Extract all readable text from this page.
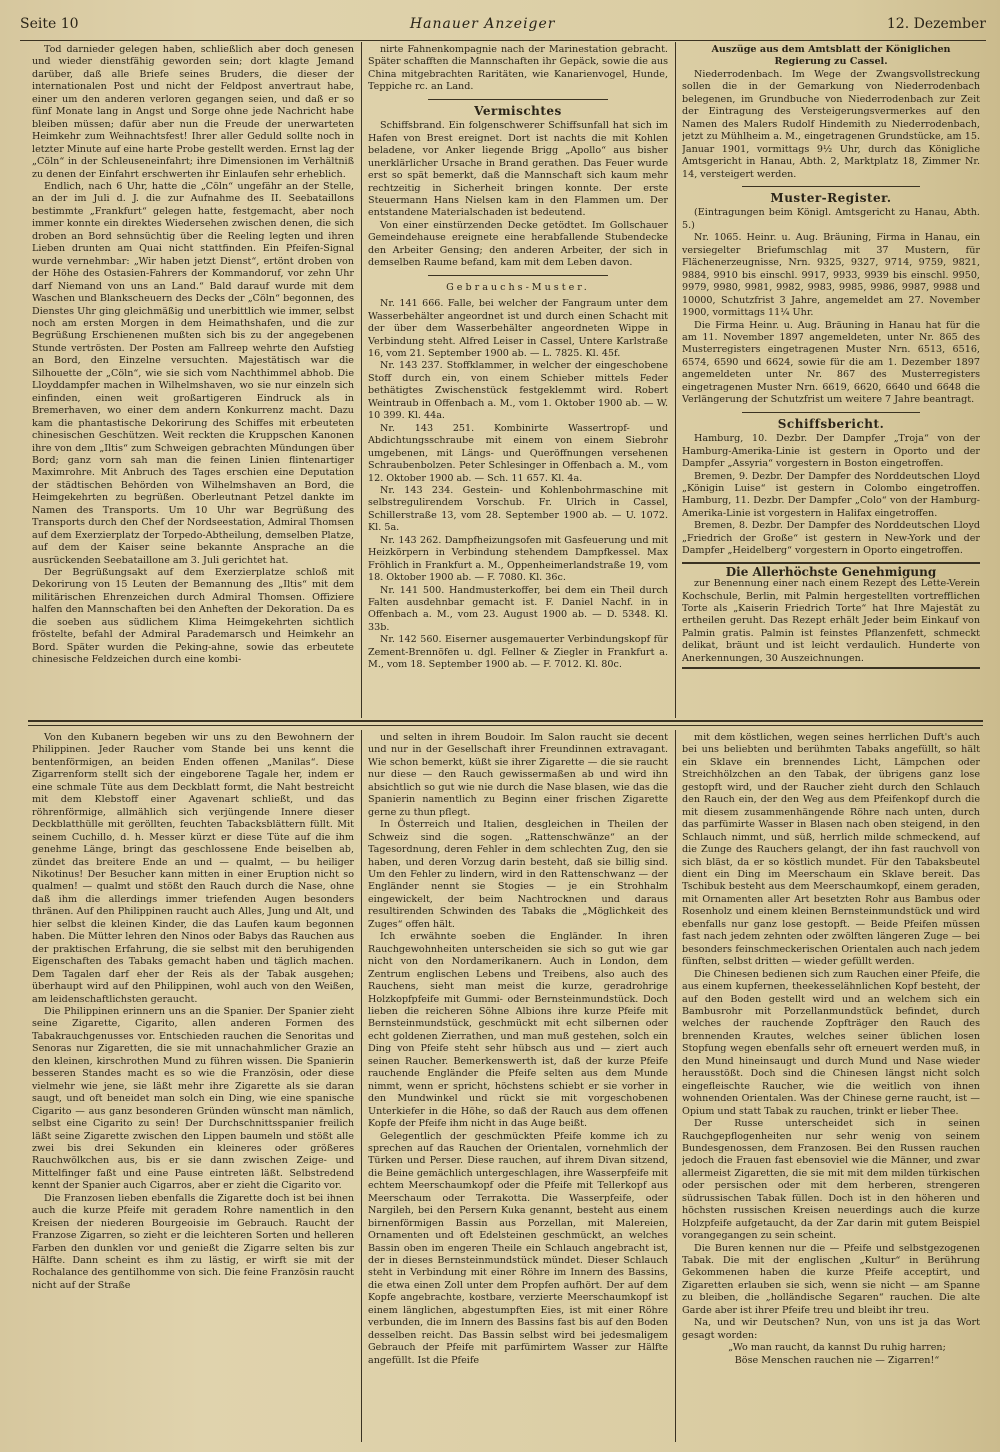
Seite 10	Hanauer Anzeiger	12. Dezember

Tod darnieder gelegen haben, schließlich aber doch genesen und wieder dienstfähig geworden sein; dort klagte Jemand darüber, daß alle Briefe seines Bruders, die dieser der internationalen Post und nicht der Feldpost anvertraut habe, einer um den anderen verloren gegangen seien, und daß er so fünf Monate lang in Angst und Sorge ohne jede Nachricht habe bleiben müssen; dafür aber nun die Freude der unerwarteten Heimkehr zum Weihnachtsfest! Ihrer aller Geduld sollte noch in letzter Minute auf eine harte Probe gestellt werden. Ernst lag der „Cöln“ in der Schleuseneinfahrt; ihre Dimensionen im Verhältniß zu denen der Einfahrt erschwerten ihr Einlaufen sehr erheblich.

Endlich, nach 6 Uhr, hatte die „Cöln“ ungefähr an der Stelle, an der im Juli d. J. die zur Aufnahme des II. Seebataillons bestimmte „Frankfurt“ gelegen hatte, festgemacht, aber noch immer konnte ein direktes Wiedersehen zwischen denen, die sich droben an Bord sehnsüchtig über die Reeling legten und ihren Lieben drunten am Quai nicht stattfinden. Ein Pfeifen-Signal wurde vernehmbar: „Wir haben jetzt Dienst“, ertönt droben von der Höhe des Ostasien-Fahrers der Kommandoruf, vor zehn Uhr darf Niemand von uns an Land.“ Bald darauf wurde mit dem Waschen und Blankscheuern des Decks der „Cöln“ begonnen, des Dienstes Uhr ging gleichmäßig und unerbittlich wie immer, selbst noch am ersten Morgen in dem Heimathshafen, und die zur Begrüßung Erschienenen mußten sich bis zu der angegebenen Stunde vertrösten. Der Posten am Fallreep wehrte den Aufstieg an Bord, den Einzelne versuchten. Majestätisch war die Silhouette der „Cöln“, wie sie sich vom Nachthimmel abhob. Die Lloyddampfer machen in Wilhelmshaven, wo sie nur einzeln sich einfinden, einen weit großartigeren Eindruck als in Bremerhaven, wo einer dem andern Konkurrenz macht. Dazu kam die phantastische Dekorirung des Schiffes mit erbeuteten chinesischen Geschützen. Weit reckten die Kruppschen Kanonen ihre von dem „Iltis“ zum Schweigen gebrachten Mündungen über Bord; ganz vorn sah man die feinen Linien flintenartiger Maximrohre. Mit Anbruch des Tages erschien eine Deputation der städtischen Behörden von Wilhelmshaven an Bord, die Heimgekehrten zu begrüßen. Oberleutnant Petzel dankte im Namen des Transports. Um 10 Uhr war Begrüßung des Transports durch den Chef der Nordseestation, Admiral Thomsen auf dem Exerzierplatz der Torpedo-Abtheilung, demselben Platze, auf dem der Kaiser seine bekannte Ansprache an die ausrückenden Seebataillone am 3. Juli gerichtet hat.

Der Begrüßungsakt auf dem Exerzierplatze schloß mit Dekorirung von 15 Leuten der Bemannung des „Iltis“ mit dem militärischen Ehrenzeichen durch Admiral Thomsen. Offiziere halfen den Mannschaften bei den Anheften der Dekoration. Da es die soeben aus südlichem Klima Heimgekehrten sichtlich fröstelte, befahl der Admiral Parademarsch und Heimkehr an Bord. Später wurden die Peking-ahne, sowie das erbeutete chinesische Feldzeichen durch eine kombi-

nirte Fahnenkompagnie nach der Marinestation gebracht. Später schafften die Mannschaften ihr Gepäck, sowie die aus China mitgebrachten Raritäten, wie Kanarienvogel, Hunde, Teppiche rc. an Land.

Vermischtes

Schiffsbrand. Ein folgenschwerer Schiffsunfall hat sich im Hafen von Brest ereignet. Dort ist nachts die mit Kohlen beladene, vor Anker liegende Brigg „Apollo“ aus bisher unerklärlicher Ursache in Brand gerathen. Das Feuer wurde erst so spät bemerkt, daß die Mannschaft sich kaum mehr rechtzeitig in Sicherheit bringen konnte. Der erste Steuermann Hans Nielsen kam in den Flammen um. Der entstandene Materialschaden ist bedeutend.

Von einer einstürzenden Decke getödtet. Im Gollschauer Gemeindehause ereignete eine herabfallende Stubendecke den Arbeiter Gensing; den anderen Arbeiter, der sich in demselben Raume befand, kam mit dem Leben davon.

Gebrauchs-Muster.

Nr. 141 666. Falle, bei welcher der Fangraum unter dem Wasserbehälter angeordnet ist und durch einen Schacht mit der über dem Wasserbehälter angeordneten Wippe in Verbindung steht. Alfred Leiser in Cassel, Untere Karlstraße 16, vom 21. September 1900 ab. — L. 7825. Kl. 45f.

Nr. 143 237. Stoffklammer, in welcher der eingeschobene Stoff durch ein, von einem Schieber mittels Feder bethätigtes Zwischenstück festgeklemmt wird. Robert Weintraub in Offenbach a. M., vom 1. Oktober 1900 ab. — W. 10 399. Kl. 44a.

Nr. 143 251. Kombinirte Wassertropf- und Abdichtungsschraube mit einem von einem Siebrohr umgebenen, mit Längs- und Queröffnungen versehenen Schraubenbolzen. Peter Schlesinger in Offenbach a. M., vom 12. Oktober 1900 ab. — Sch. 11 657. Kl. 4a.

Nr. 143 234. Gestein- und Kohlenbohrmaschine mit selbstregulirendem Vorschub. Fr. Ulrich in Cassel, Schillerstraße 13, vom 28. September 1900 ab. — U. 1072. Kl. 5a.

Nr. 143 262. Dampfheizungsofen mit Gasfeuerung und mit Heizkörpern in Verbindung stehendem Dampfkessel. Max Fröhlich in Frankfurt a. M., Oppenheimerlandstraße 19, vom 18. Oktober 1900 ab. — F. 7080. Kl. 36c.

Nr. 141 500. Handmusterkoffer, bei dem ein Theil durch Falten ausdehnbar gemacht ist. F. Daniel Nachf. in in Offenbach a. M., vom 23. August 1900 ab. — D. 5348. Kl. 33b.

Nr. 142 560. Eiserner ausgemauerter Verbindungskopf für Zement-Brennöfen u. dgl. Fellner & Ziegler in Frankfurt a. M., vom 18. September 1900 ab. — F. 7012. Kl. 80c.

Auszüge aus dem Amtsblatt der Königlichen Regierung zu Cassel.

Niederrodenbach. Im Wege der Zwangsvollstreckung sollen die in der Gemarkung von Niederrodenbach belegenen, im Grundbuche von Niederrodenbach zur Zeit der Eintragung des Versteigerungsvermerkes auf den Namen des Malers Rudolf Hindemith zu Niederrodenbach, jetzt zu Mühlheim a. M., eingetragenen Grundstücke, am 15. Januar 1901, vormittags 9½ Uhr, durch das Königliche Amtsgericht in Hanau, Abth. 2, Marktplatz 18, Zimmer Nr. 14, versteigert werden.

Muster-Register.

(Eintragungen beim Königl. Amtsgericht zu Hanau, Abth. 5.)

Nr. 1065. Heinr. u. Aug. Bräuning, Firma in Hanau, ein versiegelter Briefumschlag mit 37 Mustern, für Flächenerzeugnisse, Nrn. 9325, 9327, 9714, 9759, 9821, 9884, 9910 bis einschl. 9917, 9933, 9939 bis einschl. 9950, 9979, 9980, 9981, 9982, 9983, 9985, 9986, 9987, 9988 und 10000, Schutzfrist 3 Jahre, angemeldet am 27. November 1900, vormittags 11¼ Uhr.

Die Firma Heinr. u. Aug. Bräuning in Hanau hat für die am 11. November 1897 angemeldeten, unter Nr. 865 des Musterregisters eingetragenen Muster Nrn. 6513, 6516, 6574, 6590 und 6624, sowie für die am 1. Dezember 1897 angemeldeten unter Nr. 867 des Musterregisters eingetragenen Muster Nrn. 6619, 6620, 6640 und 6648 die Verlängerung der Schutzfrist um weitere 7 Jahre beantragt.

Schiffsbericht.

Hamburg, 10. Dezbr. Der Dampfer „Troja“ von der Hamburg-Amerika-Linie ist gestern in Oporto und der Dampfer „Assyria“ vorgestern in Boston eingetroffen.

Bremen, 9. Dezbr. Der Dampfer des Norddeutschen Lloyd „Königin Luise“ ist gestern in Colombo eingetroffen. Hamburg, 11. Dezbr. Der Dampfer „Colo“ von der Hamburg-Amerika-Linie ist vorgestern in Halifax eingetroffen.

Bremen, 8. Dezbr. Der Dampfer des Norddeutschen Lloyd „Friedrich der Große“ ist gestern in New-York und der Dampfer „Heidelberg“ vorgestern in Oporto eingetroffen.

Die Allerhöchste Genehmigung

zur Benennung einer nach einem Rezept des Lette-Verein Kochschule, Berlin, mit Palmin hergestellten vortrefflichen Torte als „Kaiserin Friedrich Torte“ hat Ihre Majestät zu ertheilen geruht. Das Rezept erhält Jeder beim Einkauf von Palmin gratis. Palmin ist feinstes Pflanzenfett, schmeckt delikat, bräunt und ist leicht verdaulich. Hunderte von Anerkennungen, 30 Auszeichnungen.

Von den Kubanern begeben wir uns zu den Bewohnern der Philippinen. Jeder Raucher vom Stande bei uns kennt die bentenförmigen, an beiden Enden offenen „Manilas“. Diese Zigarrenform stellt sich der eingeborene Tagale her, indem er eine schmale Tüte aus dem Deckblatt formt, die Naht bestreicht mit dem Klebstoff einer Agavenart schließt, und das röhrenförmige, allmählich sich verjüngende Innere dieser Deckblatthülle mit geröllten, feuchten Tabacksblättern füllt. Mit seinem Cuchillo, d. h. Messer kürzt er diese Tüte auf die ihm genehme Länge, bringt das geschlossene Ende beiselben ab, zündet das breitere Ende an und — qualmt, — bu heiliger Nikotinus! Der Besucher kann mitten in einer Eruption nicht so qualmen! — qualmt und stößt den Rauch durch die Nase, ohne daß ihm die allerdings immer triefenden Augen besonders thränen. Auf den Philippinen raucht auch Alles, Jung und Alt, und hier selbst die kleinen Kinder, die das Laufen kaum begonnen haben. Die Mütter lehren den Ninos oder Babys das Rauchen aus der praktischen Erfahrung, die sie selbst mit den beruhigenden Eigenschaften des Tabaks gemacht haben und täglich machen. Dem Tagalen darf eher der Reis als der Tabak ausgehen; überhaupt wird auf den Philippinen, wohl auch von den Weißen, am leidenschaftlichsten geraucht.

Die Philippinen erinnern uns an die Spanier. Der Spanier zieht seine Zigarette, Cigarito, allen anderen Formen des Tabakrauchgenusses vor. Entschieden rauchen die Senoritas und Senoras nur Zigaretten, die sie mit unnachahmlicher Grazie an den kleinen, kirschrothen Mund zu führen wissen. Die Spanierin besseren Standes macht es so wie die Französin, oder diese vielmehr wie jene, sie läßt mehr ihre Zigarette als sie daran saugt, und oft beneidet man solch ein Ding, wie eine spanische Cigarito — aus ganz besonderen Gründen wünscht man nämlich, selbst eine Cigarito zu sein! Der Durchschnittsspanier freilich läßt seine Zigarette zwischen den Lippen baumeln und stößt alle zwei bis drei Sekunden ein kleineres oder größeres Rauchwölkchen aus, bis er sie dann zwischen Zeige- und Mittelfinger faßt und eine Pause eintreten läßt. Selbstredend kennt der Spanier auch Cigarros, aber er zieht die Cigarito vor.

Die Franzosen lieben ebenfalls die Zigarette doch ist bei ihnen auch die kurze Pfeife mit geradem Rohre namentlich in den Kreisen der niederen Bourgeoisie im Gebrauch. Raucht der Franzose Zigarren, so zieht er die leichteren Sorten und helleren Farben den dunklen vor und genießt die Zigarre selten bis zur Hälfte. Dann scheint es ihm zu lästig, er wirft sie mit der Rochalance des gentilhomme von sich. Die feine Französin raucht nicht auf der Straße

und selten in ihrem Boudoir. Im Salon raucht sie decent und nur in der Gesellschaft ihrer Freundinnen extravagant. Wie schon bemerkt, küßt sie ihrer Zigarette — die sie raucht nur diese — den Rauch gewissermaßen ab und wird ihn absichtlich so gut wie nie durch die Nase blasen, wie das die Spanierin namentlich zu Beginn einer frischen Zigarette gerne zu thun pflegt.

In Österreich und Italien, desgleichen in Theilen der Schweiz sind die sogen. „Rattenschwänze“ an der Tagesordnung, deren Fehler in dem schlechten Zug, den sie haben, und deren Vorzug darin besteht, daß sie billig sind. Um den Fehler zu lindern, wird in den Rattenschwanz — der Engländer nennt sie Stogies — je ein Strohhalm eingewickelt, der beim Nachtrocknen und daraus resultirenden Schwinden des Tabaks die „Möglichkeit des Zuges“ offen hält.

Ich erwähnte soeben die Engländer. In ihren Rauchgewohnheiten unterscheiden sie sich so gut wie gar nicht von den Nordamerikanern. Auch in London, dem Zentrum englischen Lebens und Treibens, also auch des Rauchens, sieht man meist die kurze, geradrohrige Holzkopfpfeife mit Gummi- oder Bernsteinmundstück. Doch lieben die reicheren Söhne Albions ihre kurze Pfeife mit Bernsteinmundstück, geschmückt mit echt silbernen oder echt goldenen Zierrathen, und man muß gestehen, solch ein Ding von Pfeife steht sehr hübsch aus und — ziert auch seinen Raucher. Bemerkenswerth ist, daß der kurze Pfeife rauchende Engländer die Pfeife selten aus dem Munde nimmt, wenn er spricht, höchstens schiebt er sie vorher in den Mundwinkel und rückt sie mit vorgeschobenen Unterkiefer in die Höhe, so daß der Rauch aus dem offenen Kopfe der Pfeife ihm nicht in das Auge beißt.

Gelegentlich der geschmückten Pfeife komme ich zu sprechen auf das Rauchen der Orientalen, vornehmlich der Türken und Perser. Diese rauchen, auf ihrem Divan sitzend, die Beine gemächlich untergeschlagen, ihre Wasserpfeife mit echtem Meerschaumkopf oder die Pfeife mit Tellerkopf aus Meerschaum oder Terrakotta. Die Wasserpfeife, oder Nargileh, bei den Persern Kuka genannt, besteht aus einem birnenförmigen Bassin aus Porzellan, mit Malereien, Ornamenten und oft Edelsteinen geschmückt, an welches Bassin oben im engeren Theile ein Schlauch angebracht ist, der in dieses Bernsteinmundstück mündet. Dieser Schlauch steht in Verbindung mit einer Röhre im Innern des Bassins, die etwa einen Zoll unter dem Propfen aufhört. Der auf dem Kopfe angebrachte, kostbare, verzierte Meerschaumkopf ist einem länglichen, abgestumpften Eies, ist mit einer Röhre verbunden, die im Innern des Bassins fast bis auf den Boden desselben reicht. Das Bassin selbst wird bei jedesmaligem Gebrauch der Pfeife mit parfümirtem Wasser zur Hälfte angefüllt. Ist die Pfeife

mit dem köstlichen, wegen seines herrlichen Duft's auch bei uns beliebten und berühmten Tabaks angefüllt, so hält ein Sklave ein brennendes Licht, Lämpchen oder Streichhölzchen an den Tabak, der übrigens ganz lose gestopft wird, und der Raucher zieht durch den Schlauch den Rauch ein, der den Weg aus dem Pfeifenkopf durch die mit diesem zusammenhängende Röhre nach unten, durch das parfümirte Wasser in Blasen nach oben steigend, in den Schlauch nimmt, und süß, herrlich milde schmeckend, auf die Zunge des Rauchers gelangt, der ihn fast rauchvoll von sich bläst, da er so köstlich mundet. Für den Tabaksbeutel dient ein Ding im Meerschaum ein Sklave bereit. Das Tschibuk besteht aus dem Meerschaumkopf, einem geraden, mit Ornamenten aller Art besetzten Rohr aus Bambus oder Rosenholz und einem kleinen Bernsteinmundstück und wird ebenfalls nur ganz lose gestopft. — Beide Pfeifen müssen fast nach jedem zehnten oder zwölften längeren Zuge — bei besonders feinschmeckerischen Orientalen auch nach jedem fünften, selbst dritten — wieder gefüllt werden.

Die Chinesen bedienen sich zum Rauchen einer Pfeife, die aus einem kupfernen, theekesselähnlichen Kopf besteht, der auf den Boden gestellt wird und an welchem sich ein Bambusrohr mit Porzellanmundstück befindet, durch welches der rauchende Zopfträger den Rauch des brennenden Krautes, welches seiner üblichen losen Stopfung wegen ebenfalls sehr oft erneuert werden muß, in den Mund hineinsaugt und durch Mund und Nase wieder herausstößt. Doch sind die Chinesen längst nicht solch eingefleischte Raucher, wie die weitlich von ihnen wohnenden Orientalen. Was der Chinese gerne raucht, ist — Opium und statt Tabak zu rauchen, trinkt er lieber Thee.

Der Russe unterscheidet sich in seinen Rauchgepflogenheiten nur sehr wenig von seinem Bundesgenossen, dem Franzosen. Bei den Russen rauchen jedoch die Frauen fast ebensoviel wie die Männer, und zwar allermeist Zigaretten, die sie mit mit dem milden türkischen oder persischen oder mit dem herberen, strengeren südrussischen Tabak füllen. Doch ist in den höheren und höchsten russischen Kreisen neuerdings auch die kurze Holzpfeife aufgetaucht, da der Zar darin mit gutem Beispiel vorangegangen zu sein scheint.

Die Buren kennen nur die — Pfeife und selbstgezogenen Tabak. Die mit der englischen „Kultur“ in Berührung Gekommenen haben die kurze Pfeife acceptirt, und Zigaretten erlauben sie sich, wenn sie nicht — am Spanne zu bleiben, die „holländische Segaren“ rauchen. Die alte Garde aber ist ihrer Pfeife treu und bleibt ihr treu.

Na, und wir Deutschen? Nun, von uns ist ja das Wort gesagt worden:

„Wo man raucht, da kannst Du ruhig harren;

Böse Menschen rauchen nie — Zigarren!“
